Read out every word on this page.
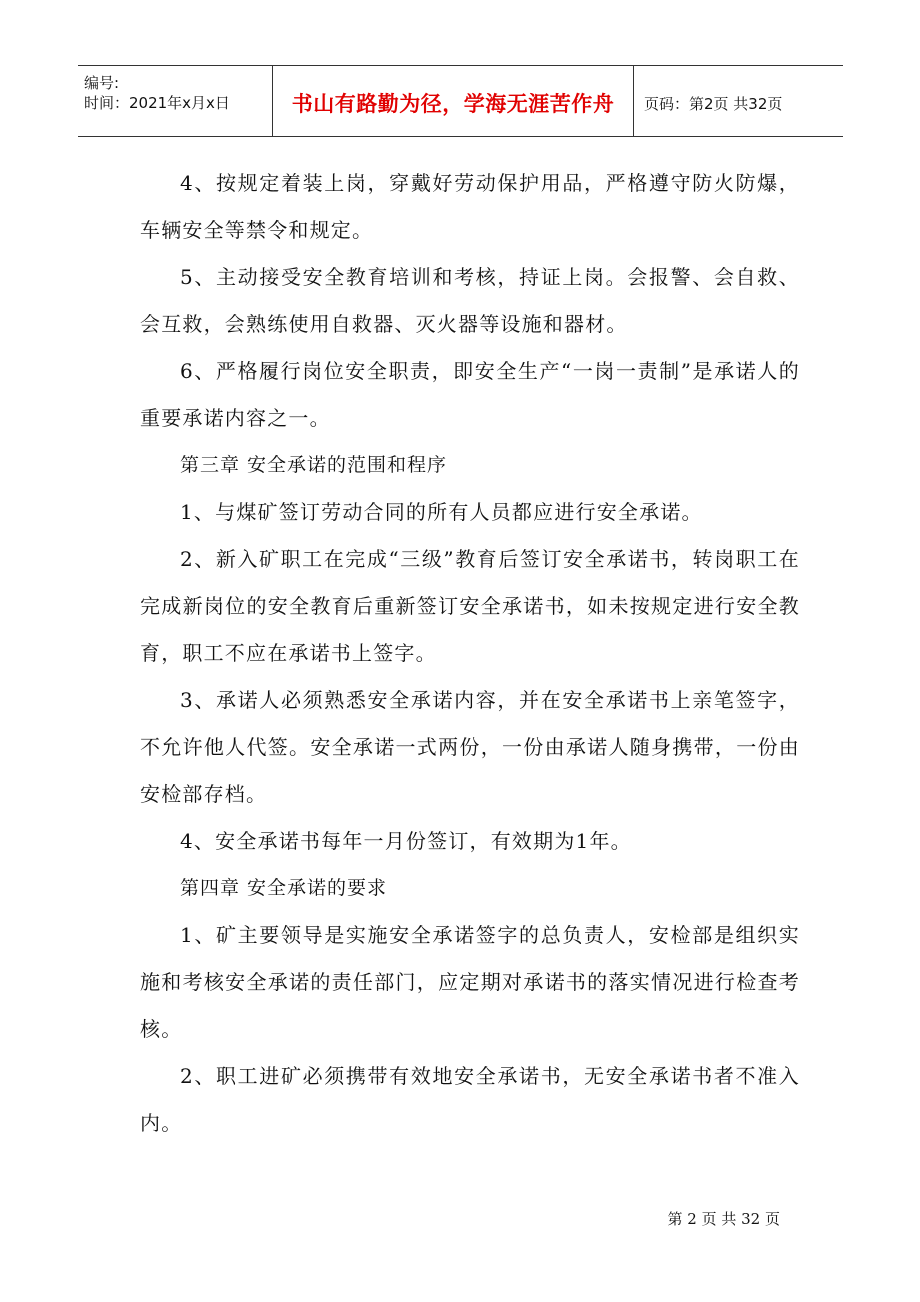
编号:
时间：2021年x月x日	书山有路勤为径，学海无涯苦作舟	页码：第2页 共32页

4、按规定着装上岗，穿戴好劳动保护用品，严格遵守防火防爆，车辆安全等禁令和规定。

5、主动接受安全教育培训和考核，持证上岗。会报警、会自救、会互救，会熟练使用自救器、灭火器等设施和器材。

6、严格履行岗位安全职责，即安全生产“一岗一责制”是承诺人的重要承诺内容之一。

第三章 安全承诺的范围和程序

1、与煤矿签订劳动合同的所有人员都应进行安全承诺。

2、新入矿职工在完成“三级”教育后签订安全承诺书，转岗职工在完成新岗位的安全教育后重新签订安全承诺书，如未按规定进行安全教育，职工不应在承诺书上签字。

3、承诺人必须熟悉安全承诺内容，并在安全承诺书上亲笔签字，不允许他人代签。安全承诺一式两份，一份由承诺人随身携带，一份由安检部存档。

4、安全承诺书每年一月份签订，有效期为1年。

第四章 安全承诺的要求

1、矿主要领导是实施安全承诺签字的总负责人，安检部是组织实施和考核安全承诺的责任部门，应定期对承诺书的落实情况进行检查考核。

2、职工进矿必须携带有效地安全承诺书，无安全承诺书者不准入内。

第 2 页 共 32 页
